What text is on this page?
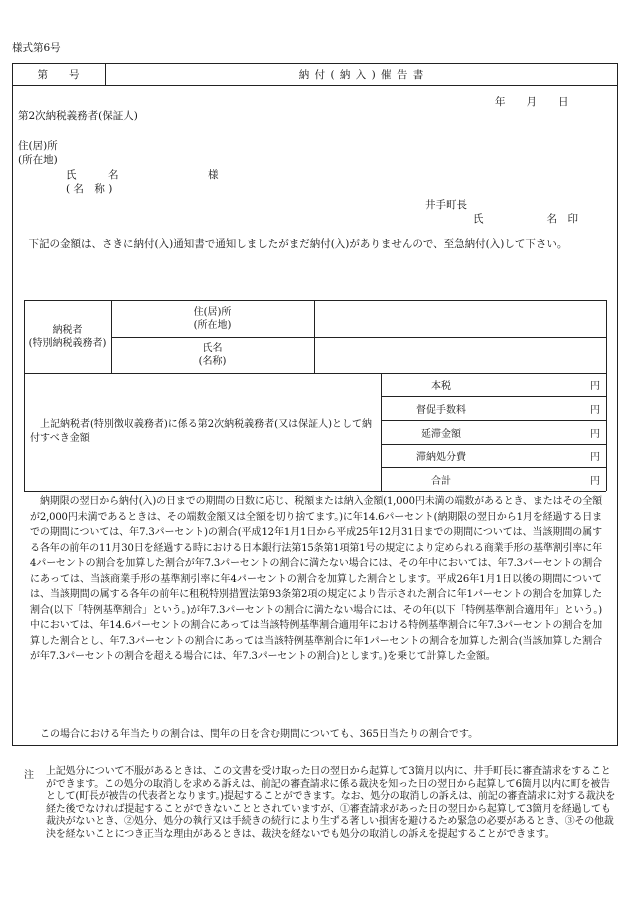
様式第6号
第　　号	納 付 ( 納 入 ) 催 告 書
年　　月　　日
第2次納税義務者(保証人)
住(居)所
(所在地)
氏　　　名	様
( 名　称 )
井手町長
氏　　　　　　名　印
下記の金額は、さきに納付(入)通知書で通知しましたがまだ納付(入)がありませんので、至急納付(入)して下さい。
納税者
(特別納税義務者)
住(居)所
(所在地)
氏名
(名称)
上記納税者(特別徴収義務者)に係る第2次納税義務者(又は保証人)として納付すべき金額
本税	円
督促手数料	円
延滞金額	円
滞納処分費	円
合計	円
納期限の翌日から納付(入)の日までの期間の日数に応じ、税額または納入金額(1,000円未満の端数があるとき、またはその全額が2,000円未満であるときは、その端数金額又は全額を切り捨てます。)に年14.6パーセント(納期限の翌日から1月を経過する日までの期間については、年7.3パーセント)の割合(平成12年1月1日から平成25年12月31日までの期間については、当該期間の属する各年の前年の11月30日を経過する時における日本銀行法第15条第1項第1号の規定により定められる商業手形の基準割引率に年4パーセントの割合を加算した割合が年7.3パーセントの割合に満たない場合には、その年中においては、年7.3パーセントの割合にあっては、当該商業手形の基準割引率に年4パーセントの割合を加算した割合とします。平成26年1月1日以後の期間については、当該期間の属する各年の前年に租税特別措置法第93条第2項の規定により告示された割合に年1パーセントの割合を加算した割合(以下「特例基準割合」という。)が年7.3パーセントの割合に満たない場合には、その年(以下「特例基準割合適用年」という。)中においては、年14.6パーセントの割合にあっては当該特例基準割合適用年における特例基準割合に年7.3パーセントの割合を加算した割合とし、年7.3パーセントの割合にあっては当該特例基準割合に年1パーセントの割合を加算した割合(当該加算した割合が年7.3パーセントの割合を超える場合には、年7.3パーセントの割合)とします。)を乗じて計算した金額。
この場合における年当たりの割合は、閏年の日を含む期間についても、365日当たりの割合です。
注 上記処分について不服があるときは、この文書を受け取った日の翌日から起算して3箇月以内に、井手町長に審査請求をすることができます。この処分の取消しを求める訴えは、前記の審査請求に係る裁決を知った日の翌日から起算して6箇月以内に町を被告として(町長が被告の代表者となります。)提起することができます。なお、処分の取消しの訴えは、前記の審査請求に対する裁決を経た後でなければ提起することができないこととされていますが、①審査請求があった日の翌日から起算して3箇月を経過しても裁決がないとき、②処分、処分の執行又は手続きの続行により生ずる著しい損害を避けるため緊急の必要があるとき、③その他裁決を経ないことにつき正当な理由があるときは、裁決を経ないでも処分の取消しの訴えを提起することができます。
